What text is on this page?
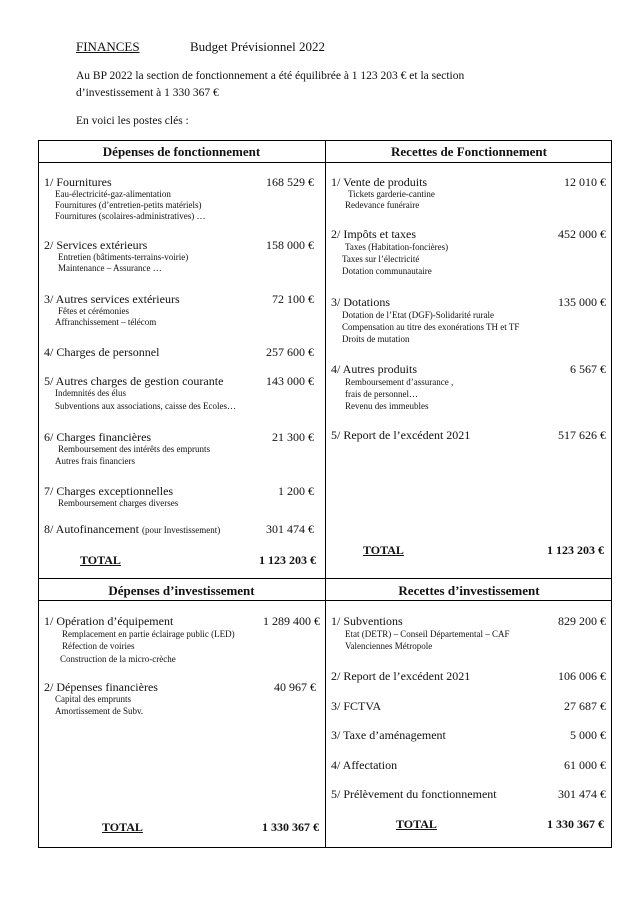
FINANCES	Budget Prévisionnel 2022
Au BP 2022 la section de fonctionnement a été équilibrée à 1 123 203 € et la section
d’investissement à 1 330 367 €
En voici les postes clés :
Dépenses de fonctionnement	Recettes de Fonctionnement
Dépenses d’investissement	Recettes d’investissement
1/ Fournitures	168 529 €
Eau-électricité-gaz-alimentation
Fournitures (d’entretien-petits matériels)
Fournitures (scolaires-administratives) …
2/ Services extérieurs	158 000 €
Entretien (bâtiments-terrains-voirie)
Maintenance – Assurance …
3/ Autres services extérieurs	72 100 €
Fêtes et cérémonies
Affranchissement – télécom
4/ Charges de personnel	257 600 €
5/ Autres charges de gestion courante	143 000 €
Indemnités des élus
Subventions aux associations, caisse des Ecoles…
6/ Charges financières	21 300 €
Remboursement des intérêts des emprunts
Autres frais financiers
7/ Charges exceptionnelles	1 200 €
Remboursement charges diverses
8/ Autofinancement (pour Investissement)	301 474 €
TOTAL	1 123 203 €
1/ Vente de produits	12 010 €
Tickets garderie-cantine
Redevance funéraire
2/ Impôts et taxes	452 000 €
Taxes (Habitation-foncières)
Taxes sur l’électricité
Dotation communautaire
3/ Dotations	135 000 €
Dotation de l’Etat (DGF)-Solidarité rurale
Compensation au titre des exonérations TH et TF
Droits de mutation
4/ Autres produits	6 567 €
Remboursement d’assurance ,
frais de personnel…
Revenu des immeubles
5/ Report de l’excédent 2021	517 626 €
TOTAL	1 123 203 €
1/ Opération d’équipement	1 289 400 €
Remplacement en partie éclairage public (LED)
Réfection de voiries
Construction de la micro-crèche
2/ Dépenses financières	40 967 €
Capital des emprunts
Amortissement de Subv.
TOTAL	1 330 367 €
1/ Subventions	829 200 €
Etat (DETR) – Conseil Départemental – CAF
Valenciennes Métropole
2/ Report de l’excédent 2021	106 006 €
3/ FCTVA	27 687 €
3/ Taxe d’aménagement	5 000 €
4/ Affectation	61 000 €
5/ Prélèvement du fonctionnement	301 474 €
TOTAL	1 330 367 €
